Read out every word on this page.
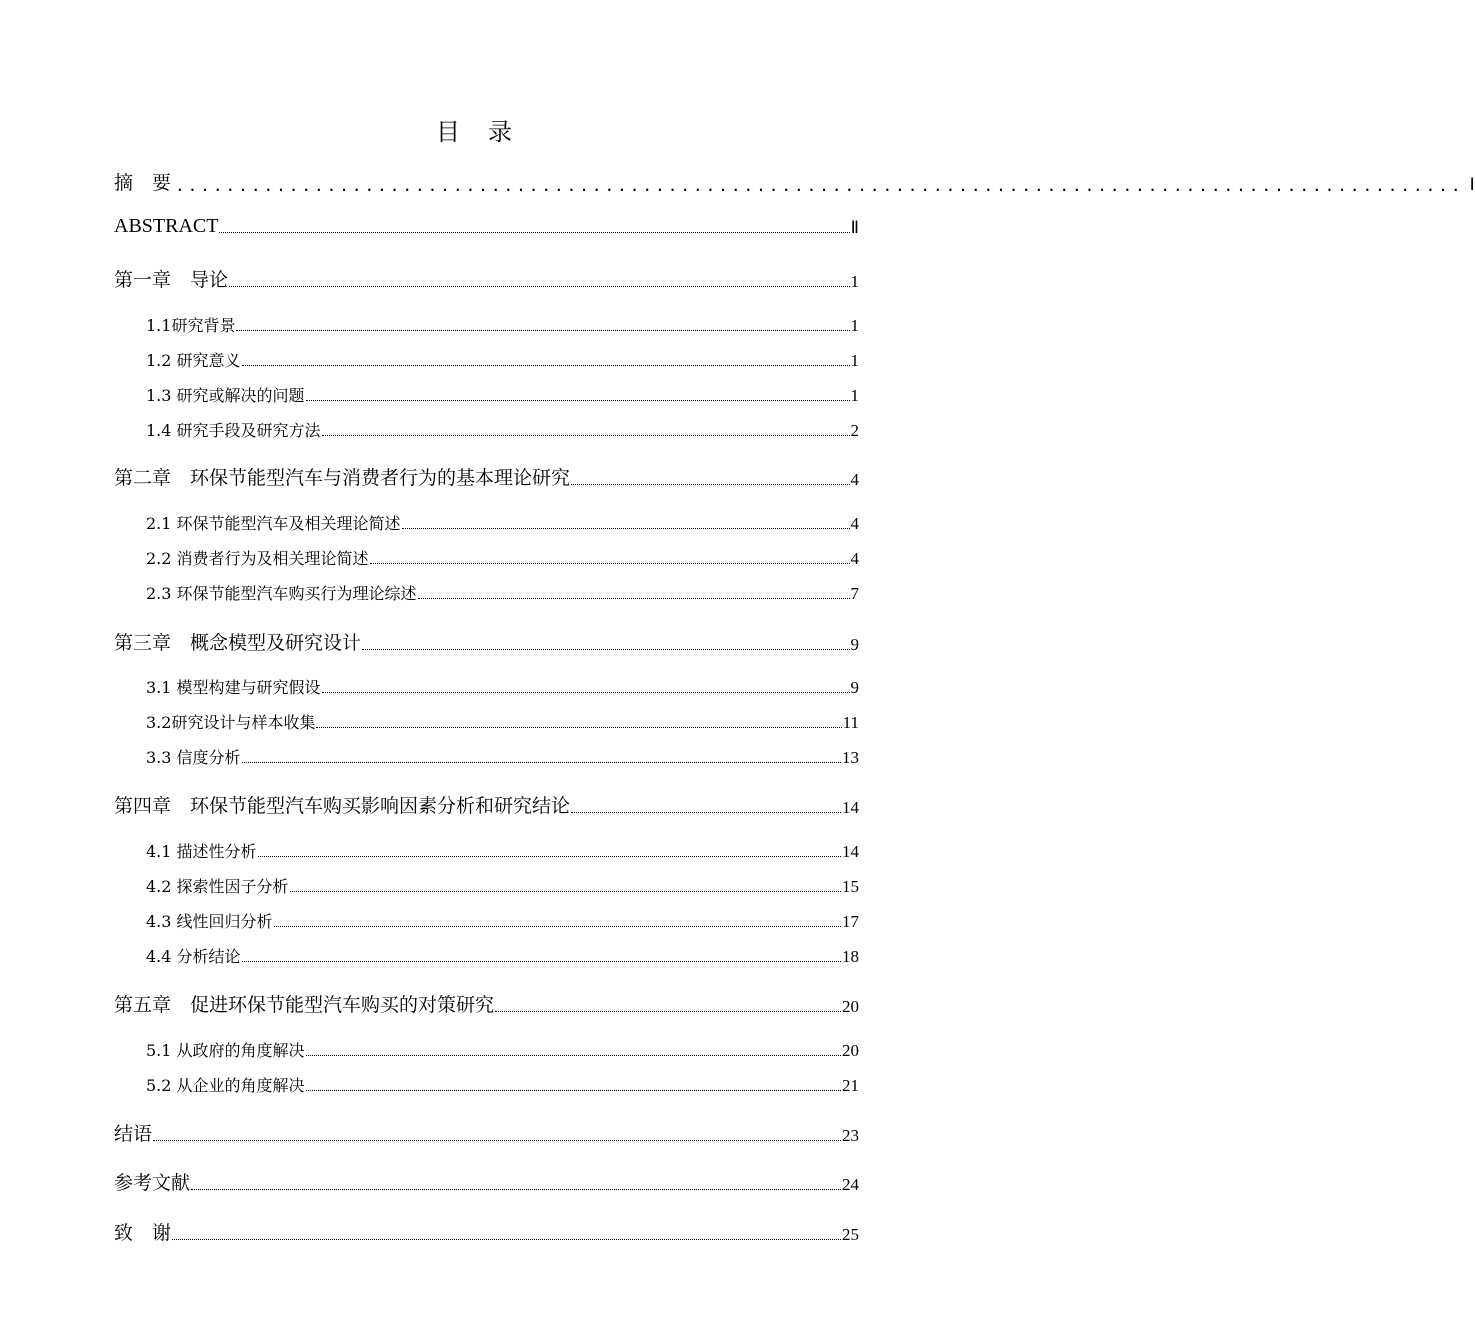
目　录
摘　要 ...................................................................................................... Ⅰ
ABSTRACT	Ⅱ
第一章　导论	1
1.1研究背景	1
1.2 研究意义	1
1.3 研究或解决的问题	1
1.4 研究手段及研究方法	2
第二章　环保节能型汽车与消费者行为的基本理论研究	4
2.1 环保节能型汽车及相关理论简述	4
2.2 消费者行为及相关理论简述	4
2.3 环保节能型汽车购买行为理论综述	7
第三章　概念模型及研究设计	9
3.1 模型构建与研究假设	9
3.2研究设计与样本收集	11
3.3 信度分析	13
第四章　环保节能型汽车购买影响因素分析和研究结论	14
4.1 描述性分析	14
4.2 探索性因子分析	15
4.3 线性回归分析	17
4.4 分析结论	18
第五章　促进环保节能型汽车购买的对策研究	20
5.1 从政府的角度解决	20
5.2 从企业的角度解决	21
结语	23
参考文献	24
致　谢	25
